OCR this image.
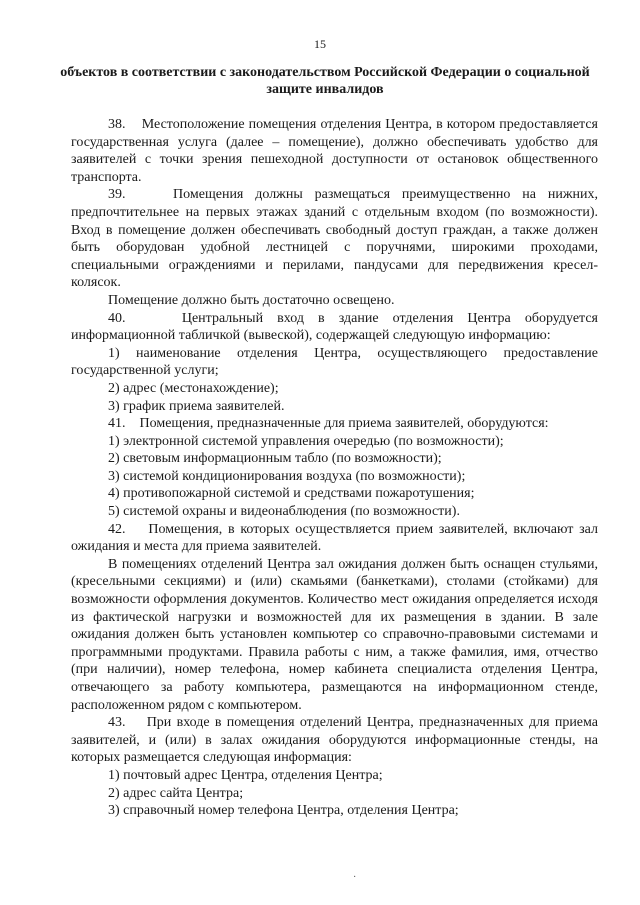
15
объектов в соответствии с законодательством Российской Федерации о социальной защите инвалидов

38.    Местоположение помещения отделения Центра, в котором предоставляется государственная услуга (далее – помещение), должно обеспечивать удобство для заявителей с точки зрения пешеходной доступности от остановок общественного транспорта.

39.    Помещения должны размещаться преимущественно на нижних, предпочтительнее на первых этажах зданий с отдельным входом (по возможности). Вход в помещение должен обеспечивать свободный доступ граждан, а также должен быть оборудован удобной лестницей с поручнями, широкими проходами, специальными ограждениями и перилами, пандусами для передвижения кресел-колясок.

Помещение должно быть достаточно освещено.

40.    Центральный вход в здание отделения Центра оборудуется информационной табличкой (вывеской), содержащей следующую информацию:

1) наименование отделения Центра, осуществляющего предоставление государственной услуги;

2) адрес (местонахождение);

3) график приема заявителей.

41.    Помещения, предназначенные для приема заявителей, оборудуются:

1) электронной системой управления очередью (по возможности);

2) световым информационным табло (по возможности);

3) системой кондиционирования воздуха (по возможности);

4) противопожарной системой и средствами пожаротушения;

5) системой охраны и видеонаблюдения (по возможности).

42.    Помещения, в которых осуществляется прием заявителей, включают зал ожидания и места для приема заявителей.

В помещениях отделений Центра зал ожидания должен быть оснащен стульями, (кресельными секциями) и (или) скамьями (банкетками), столами (стойками) для возможности оформления документов. Количество мест ожидания определяется исходя из фактической нагрузки и возможностей для их размещения в здании. В зале ожидания должен быть установлен компьютер со справочно-правовыми системами и программными продуктами. Правила работы с ним, а также фамилия, имя, отчество (при наличии), номер телефона, номер кабинета специалиста отделения Центра, отвечающего за работу компьютера, размещаются на информационном стенде, расположенном рядом с компьютером.

43.    При входе в помещения отделений Центра, предназначенных для приема заявителей, и (или) в залах ожидания оборудуются информационные стенды, на которых размещается следующая информация:

1) почтовый адрес Центра, отделения Центра;

2) адрес сайта Центра;

3) справочный номер телефона Центра, отделения Центра;

·
